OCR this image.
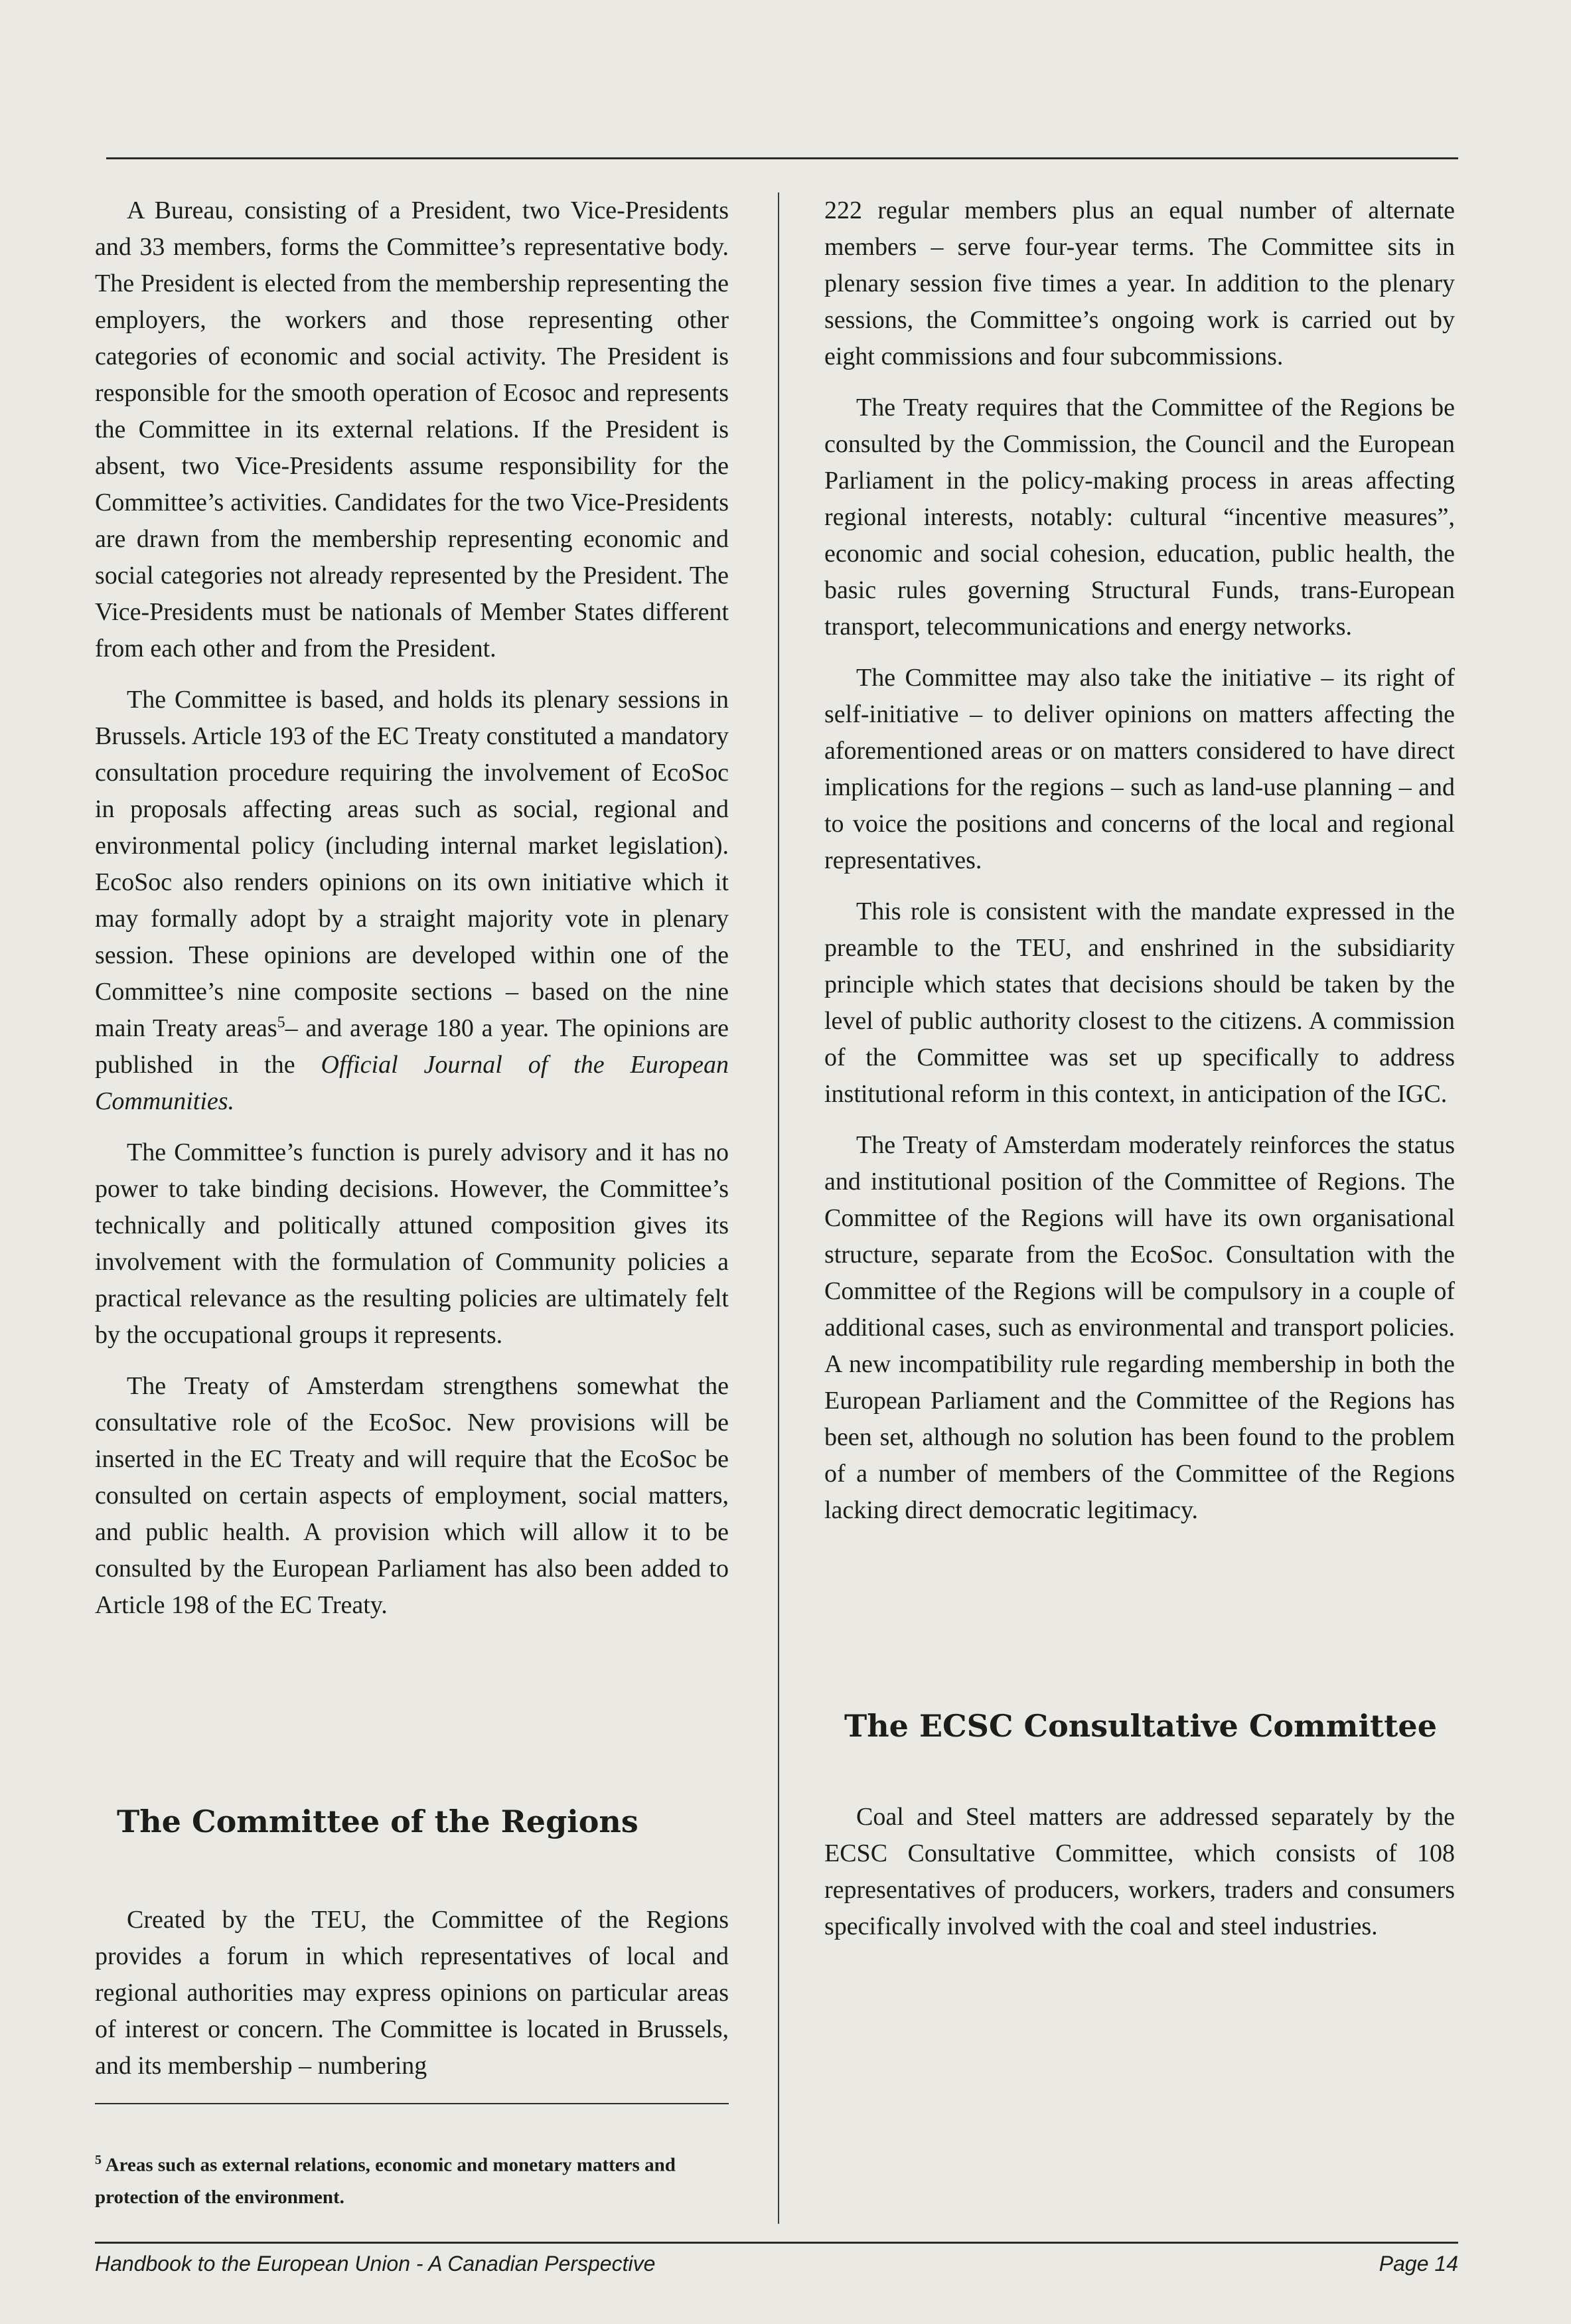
A Bureau, consisting of a President, two Vice-Presidents and 33 members, forms the Committee’s representative body. The President is elected from the membership representing the employers, the workers and those representing other categories of economic and social activity. The President is responsible for the smooth operation of Ecosoc and represents the Committee in its external relations. If the President is absent, two Vice-Presidents assume responsibility for the Committee’s activities. Candidates for the two Vice-Presidents are drawn from the membership representing economic and social categories not already represented by the President. The Vice-Presidents must be nationals of Member States different from each other and from the President.

The Committee is based, and holds its plenary sessions in Brussels. Article 193 of the EC Treaty constituted a mandatory consultation procedure requiring the involvement of EcoSoc in proposals affecting areas such as social, regional and environmental policy (including internal market legislation). EcoSoc also renders opinions on its own initiative which it may formally adopt by a straight majority vote in plenary session. These opinions are developed within one of the Committee’s nine composite sections – based on the nine main Treaty areas$^5$– and average 180 a year. The opinions are published in the Official Journal of the European Communities.

The Committee’s function is purely advisory and it has no power to take binding decisions. However, the Committee’s technically and politically attuned composition gives its involvement with the formulation of Community policies a practical relevance as the resulting policies are ultimately felt by the occupational groups it represents.

The Treaty of Amsterdam strengthens somewhat the consultative role of the EcoSoc. New provisions will be inserted in the EC Treaty and will require that the EcoSoc be consulted on certain aspects of employment, social matters, and public health. A provision which will allow it to be consulted by the European Parliament has also been added to Article 198 of the EC Treaty.

The Committee of the Regions

Created by the TEU, the Committee of the Regions provides a forum in which representatives of local and regional authorities may express opinions on particular areas of interest or concern. The Committee is located in Brussels, and its membership – numbering

222 regular members plus an equal number of alternate members – serve four-year terms. The Committee sits in plenary session five times a year. In addition to the plenary sessions, the Committee’s ongoing work is carried out by eight commissions and four subcommissions.

The Treaty requires that the Committee of the Regions be consulted by the Commission, the Council and the European Parliament in the policy-making process in areas affecting regional interests, notably: cultural “incentive measures”, economic and social cohesion, education, public health, the basic rules governing Structural Funds, trans-European transport, telecommunications and energy networks.

The Committee may also take the initiative – its right of self-initiative – to deliver opinions on matters affecting the aforementioned areas or on matters considered to have direct implications for the regions – such as land-use planning – and to voice the positions and concerns of the local and regional representatives.

This role is consistent with the mandate expressed in the preamble to the TEU, and enshrined in the subsidiarity principle which states that decisions should be taken by the level of public authority closest to the citizens. A commission of the Committee was set up specifically to address institutional reform in this context, in anticipation of the IGC.

The Treaty of Amsterdam moderately reinforces the status and institutional position of the Committee of Regions. The Committee of the Regions will have its own organisational structure, separate from the EcoSoc. Consultation with the Committee of the Regions will be compulsory in a couple of additional cases, such as environmental and transport policies. A new incompatibility rule regarding membership in both the European Parliament and the Committee of the Regions has been set, although no solution has been found to the problem of a number of members of the Committee of the Regions lacking direct democratic legitimacy.

The ECSC Consultative Committee

Coal and Steel matters are addressed separately by the ECSC Consultative Committee, which consists of 108 representatives of producers, workers, traders and consumers specifically involved with the coal and steel industries.

$^5$ Areas such as external relations, economic and monetary matters and protection of the environment.
Handbook to the European Union - A Canadian Perspective	Page 14
